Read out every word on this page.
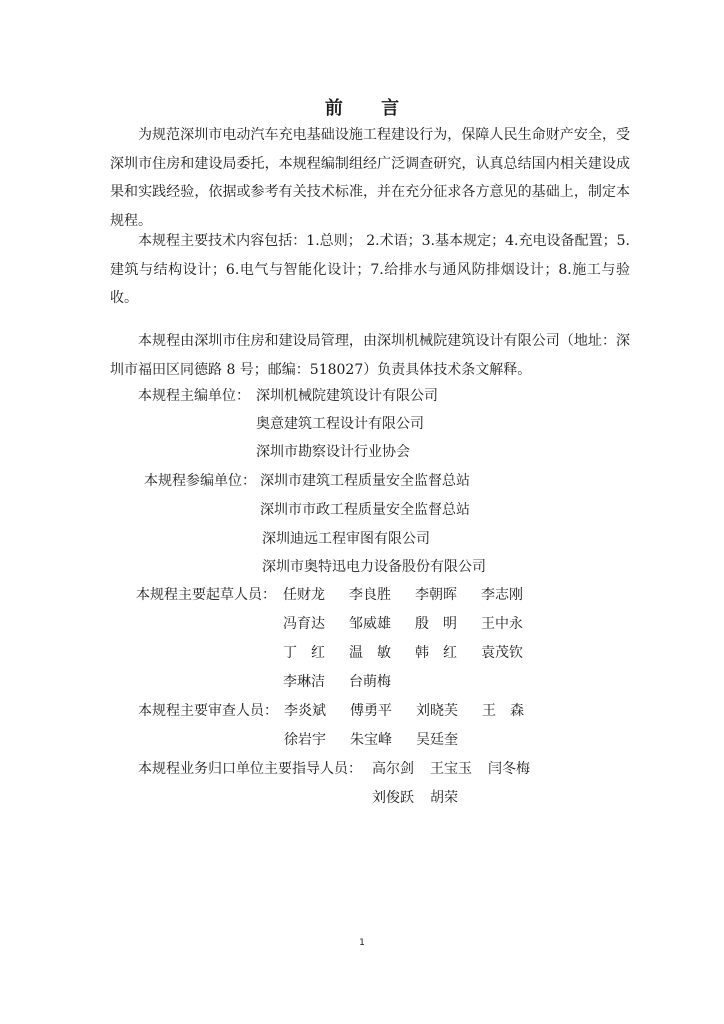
前 言
为规范深圳市电动汽车充电基础设施工程建设行为，保障人民生命财产安全，受深圳市住房和建设局委托，本规程编制组经广泛调查研究，认真总结国内相关建设成果和实践经验，依据或参考有关技术标准，并在充分征求各方意见的基础上，制定本规程。
本规程主要技术内容包括：1.总则； 2.术语；3.基本规定；4.充电设备配置；5.建筑与结构设计；6.电气与智能化设计；7.给排水与通风防排烟设计；8.施工与验收。
本规程由深圳市住房和建设局管理，由深圳机械院建筑设计有限公司（地址：深圳市福田区同德路 8 号；邮编：518027）负责具体技术条文解释。
本规程主编单位： 深圳机械院建筑设计有限公司
奥意建筑工程设计有限公司
深圳市勘察设计行业协会
本规程参编单位： 深圳市建筑工程质量安全监督总站
深圳市市政工程质量安全监督总站
深圳迪远工程审图有限公司
深圳市奥特迅电力设备股份有限公司
本规程主要起草人员： 任财龙 李良胜 李朝晖 李志刚
冯育达 邹威雄 殷　明 王中永
丁　红 温　敏 韩　红 袁茂钦
李琳洁 台萌梅
本规程主要审查人员： 李炎斌 傅勇平 刘晓芙 王　森
徐岩宇 朱宝峰 吴廷奎
本规程业务归口单位主要指导人员： 高尔剑 王宝玉 闫冬梅
刘俊跃 胡荣
1
